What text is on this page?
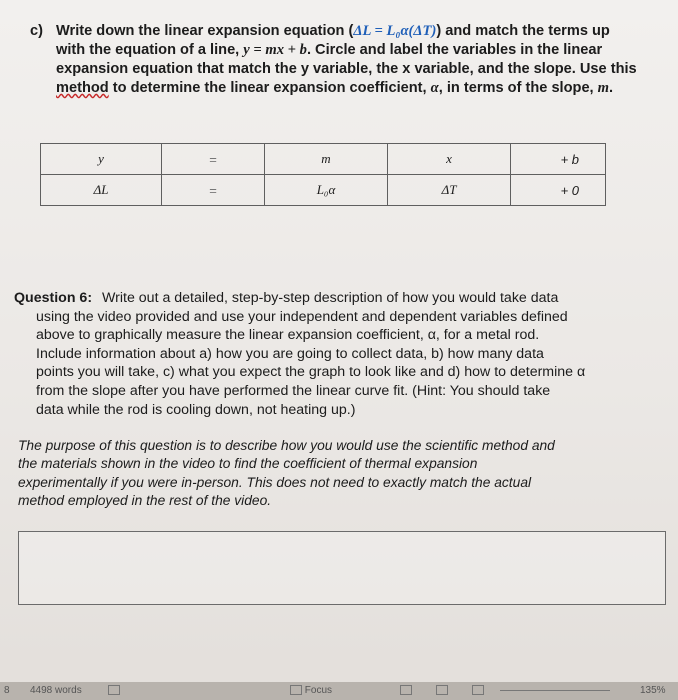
c) Write down the linear expansion equation (ΔL = L₀α(ΔT)) and match the terms up
with the equation of a line, y = mx + b. Circle and label the variables in the linear
expansion equation that match the y variable, the x variable, and the slope. Use this
method to determine the linear expansion coefficient, α, in terms of the slope, m.
y	=	m	x	+ b
ΔL	=	L₀α	ΔT	+ 0
Question 6: Write out a detailed, step-by-step description of how you would take data
using the video provided and use your independent and dependent variables defined
above to graphically measure the linear expansion coefficient, α, for a metal rod.
Include information about a) how you are going to collect data, b) how many data
points you will take, c) what you expect the graph to look like and d) how to determine α
from the slope after you have performed the linear curve fit. (Hint: You should take
data while the rod is cooling down, not heating up.)
The purpose of this question is to describe how you would use the scientific method and
the materials shown in the video to find the coefficient of thermal expansion
experimentally if you were in-person. This does not need to exactly match the actual
method employed in the rest of the video.
8 4498 words	Focus	135%
